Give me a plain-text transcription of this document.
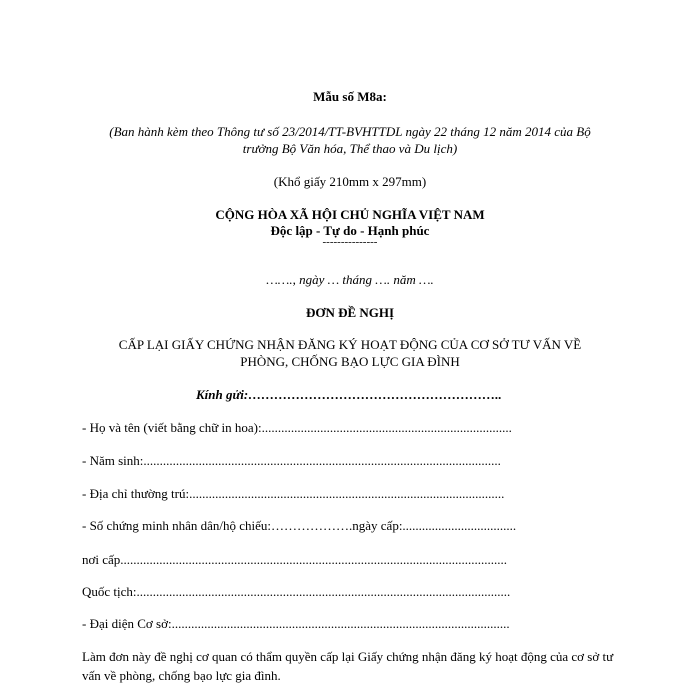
Mẫu số M8a:
(Ban hành kèm theo Thông tư số 23/2014/TT-BVHTTDL ngày 22 tháng 12 năm 2014 của Bộ
trưởng Bộ Văn hóa, Thể thao và Du lịch)
(Khổ giấy 210mm x 297mm)
CỘNG HÒA XÃ HỘI CHỦ NGHĨA VIỆT NAM
Độc lập - Tự do - Hạnh phúc
---------------
……., ngày … tháng …. năm ….
ĐƠN ĐỀ NGHỊ
CẤP LẠI GIẤY CHỨNG NHẬN ĐĂNG KÝ HOẠT ĐỘNG CỦA CƠ SỞ TƯ VẤN VỀ
PHÒNG, CHỐNG BẠO LỰC GIA ĐÌNH
Kính gửi:…………………………………………………..
- Họ và tên (viết bằng chữ in hoa):.............................................................................
- Năm sinh:..............................................................................................................
- Địa chỉ thường trú:.................................................................................................
- Số chứng minh nhân dân/hộ chiếu:……………….ngày cấp:...................................
nơi cấp.......................................................................................................................
Quốc tịch:...................................................................................................................
- Đại diện Cơ sở:........................................................................................................
Làm đơn này đề nghị cơ quan có thẩm quyền cấp lại Giấy chứng nhận đăng ký hoạt động của cơ sở tư vấn về phòng, chống bạo lực gia đình.
